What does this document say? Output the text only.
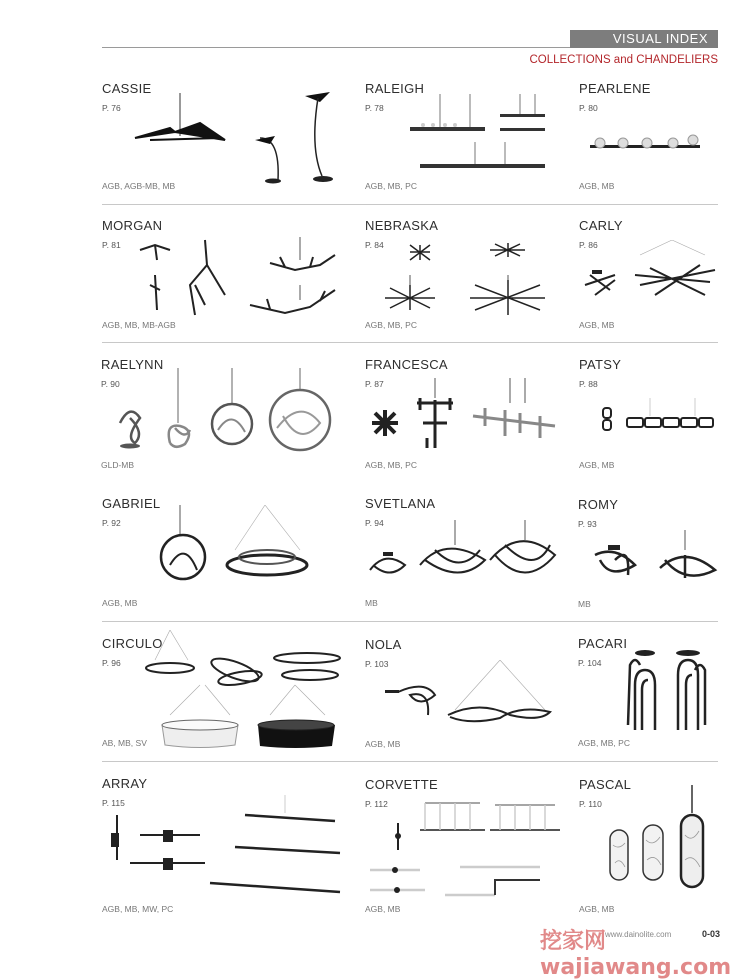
VISUAL INDEX
COLLECTIONS and CHANDELIERS
CASSIE
P. 76
AGB, AGB-MB, MB
RALEIGH
P. 78
AGB, MB, PC
PEARLENE
P. 80
AGB, MB
MORGAN
P. 81
AGB, MB, MB-AGB
NEBRASKA
P. 84
AGB, MB, PC
CARLY
P. 86
AGB, MB
RAELYNN
P. 90
GLD-MB
FRANCESCA
P. 87
AGB, MB, PC
PATSY
P. 88
AGB, MB
GABRIEL
P. 92
AGB, MB
SVETLANA
P. 94
MB
ROMY
P. 93
MB
CIRCULO
P. 96
AB, MB, SV
NOLA
P. 103
AGB, MB
PACARI
P. 104
AGB, MB, PC
ARRAY
P. 115
AGB, MB, MW, PC
CORVETTE
P. 112
AGB, MB
PASCAL
P. 110
AGB, MB
www.dainolite.com	0-03
挖家网 wajiawang.com
